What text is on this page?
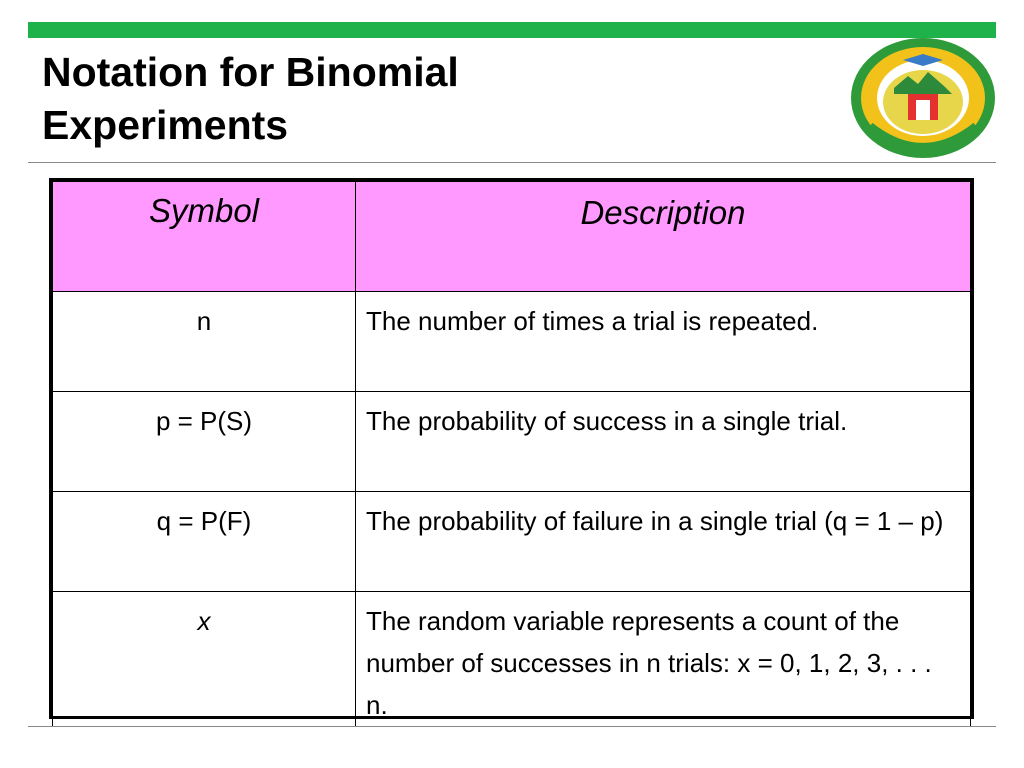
Notation for Binomial
Experiments
Symbol	Description
n	The number of times a trial is repeated.
p = P(S)	The probability of success in a single trial.
q = P(F)	The probability of failure in a single trial (q = 1 – p)
x	The random variable represents a count of the number of successes in n trials: x = 0, 1, 2, 3, . . . n.
